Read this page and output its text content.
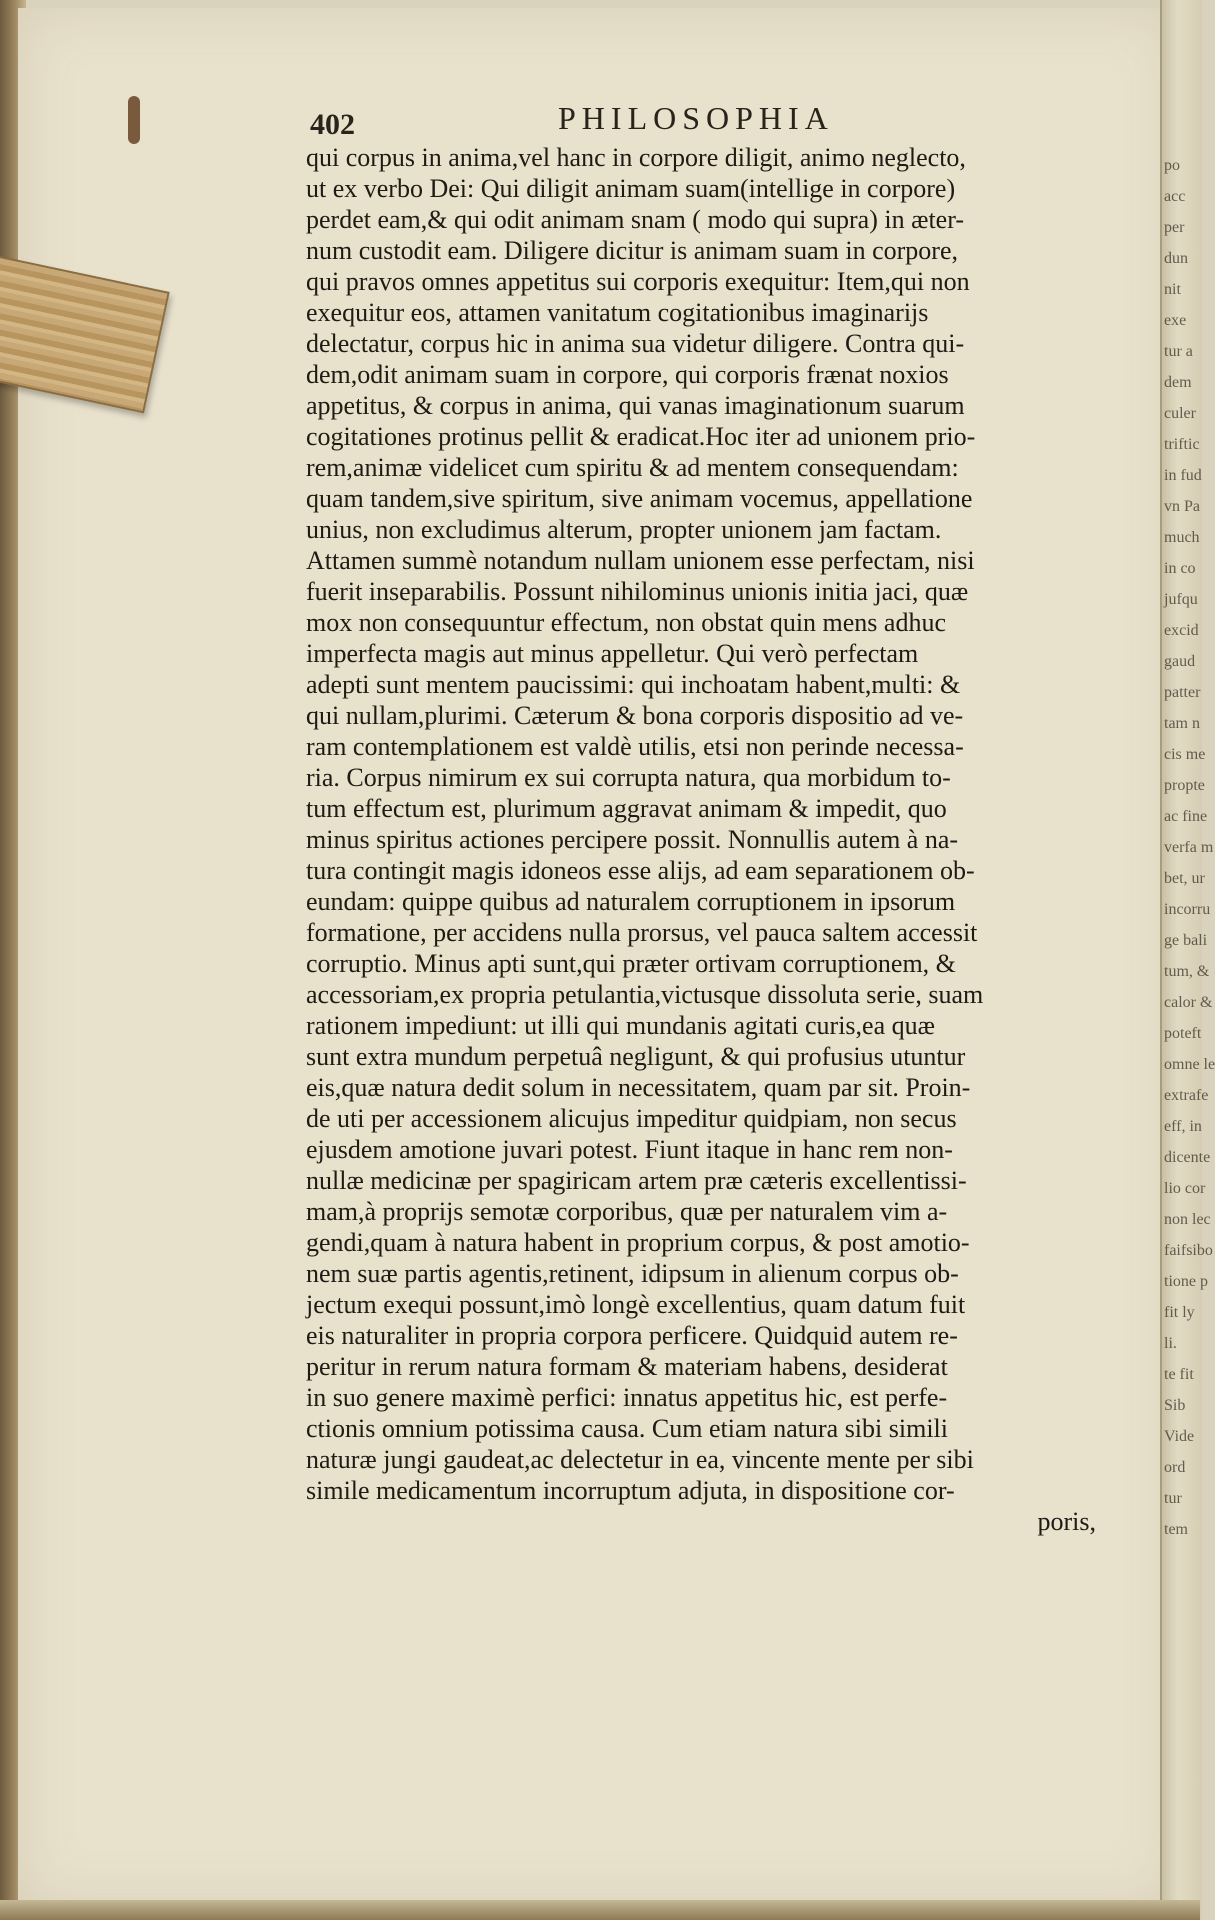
402	PHILOSOPHIA
qui corpus in anima,vel hanc in corpore diligit, animo neglecto,
ut ex verbo Dei: Qui diligit animam suam(intellige in corpore)
perdet eam,& qui odit animam snam ( modo qui supra) in æter-
num custodit eam. Diligere dicitur is animam suam in corpore,
qui pravos omnes appetitus sui corporis exequitur: Item,qui non
exequitur eos, attamen vanitatum cogitationibus imaginarijs
delectatur, corpus hic in anima sua videtur diligere. Contra qui-
dem,odit animam suam in corpore, qui corporis frænat noxios
appetitus, & corpus in anima, qui vanas imaginationum suarum
cogitationes protinus pellit & eradicat.Hoc iter ad unionem prio-
rem,animæ videlicet cum spiritu & ad mentem consequendam:
quam tandem,sive spiritum, sive animam vocemus, appellatione
unius, non excludimus alterum, propter unionem jam factam.
Attamen summè notandum nullam unionem esse perfectam, nisi
fuerit inseparabilis. Possunt nihilominus unionis initia jaci, quæ
mox non consequuntur effectum, non obstat quin mens adhuc
imperfecta magis aut minus appelletur. Qui verò perfectam
adepti sunt mentem paucissimi: qui inchoatam habent,multi: &
qui nullam,plurimi. Cæterum & bona corporis dispositio ad ve-
ram contemplationem est valdè utilis, etsi non perinde necessa-
ria. Corpus nimirum ex sui corrupta natura, qua morbidum to-
tum effectum est, plurimum aggravat animam & impedit, quo
minus spiritus actiones percipere possit. Nonnullis autem à na-
tura contingit magis idoneos esse alijs, ad eam separationem ob-
eundam: quippe quibus ad naturalem corruptionem in ipsorum
formatione, per accidens nulla prorsus, vel pauca saltem accessit
corruptio. Minus apti sunt,qui præter ortivam corruptionem, &
accessoriam,ex propria petulantia,victusque dissoluta serie, suam
rationem impediunt: ut illi qui mundanis agitati curis,ea quæ
sunt extra mundum perpetuâ negligunt, & qui profusius utuntur
eis,quæ natura dedit solum in necessitatem, quam par sit. Proin-
de uti per accessionem alicujus impeditur quidpiam, non secus
ejusdem amotione juvari potest. Fiunt itaque in hanc rem non-
nullæ medicinæ per spagiricam artem præ cæteris excellentissi-
mam,à proprijs semotæ corporibus, quæ per naturalem vim a-
gendi,quam à natura habent in proprium corpus, & post amotio-
nem suæ partis agentis,retinent, idipsum in alienum corpus ob-
jectum exequi possunt,imò longè excellentius, quam datum fuit
eis naturaliter in propria corpora perficere. Quidquid autem re-
peritur in rerum natura formam & materiam habens, desiderat
in suo genere maximè perfici: innatus appetitus hic, est perfe-
ctionis omnium potissima causa. Cum etiam natura sibi simili
naturæ jungi gaudeat,ac delectetur in ea, vincente mente per sibi
simile medicamentum incorruptum adjuta, in dispositione cor-
poris,
po
acc
per
dun
nit
exe
tur a
dem
culer
triftic
in fud
vn Pa
much
in co
jufqu
excid
gaud
patter
tam n
cis me
propte
ac fine
verfa m
bet, ur
incorru
ge bali
tum, &
calor &
poteft
omne le
extrafe
eff, in
dicente
lio cor
non lec
faifsibo
tione p
fit ly
li.
te fit
Sib
Vide
ord
tur
tem
